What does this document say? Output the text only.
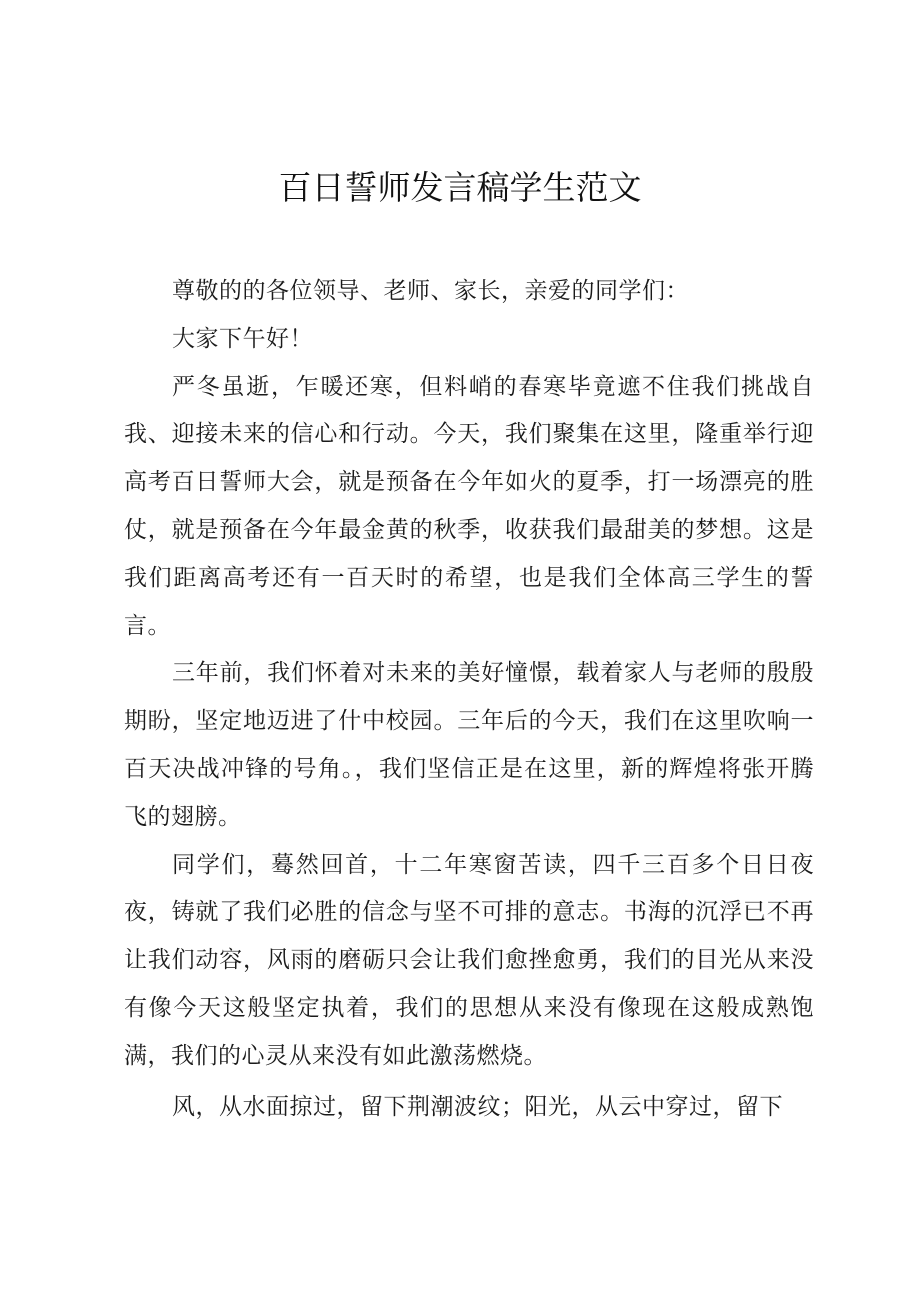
百日誓师发言稿学生范文

尊敬的的各位领导、老师、家长，亲爱的同学们：

大家下午好！

严冬虽逝，乍暖还寒，但料峭的春寒毕竟遮不住我们挑战自我、迎接未来的信心和行动。今天，我们聚集在这里，隆重举行迎高考百日誓师大会，就是预备在今年如火的夏季，打一场漂亮的胜仗，就是预备在今年最金黄的秋季，收获我们最甜美的梦想。这是我们距离高考还有一百天时的希望，也是我们全体高三学生的誓言。

三年前，我们怀着对未来的美好憧憬，载着家人与老师的殷殷期盼，坚定地迈进了什中校园。三年后的今天，我们在这里吹响一百天决战冲锋的号角。，我们坚信正是在这里，新的辉煌将张开腾飞的翅膀。

同学们，蓦然回首，十二年寒窗苦读，四千三百多个日日夜夜，铸就了我们必胜的信念与坚不可排的意志。书海的沉浮已不再让我们动容，风雨的磨砺只会让我们愈挫愈勇，我们的目光从来没有像今天这般坚定执着，我们的思想从来没有像现在这般成熟饱满，我们的心灵从来没有如此激荡燃烧。

风，从水面掠过，留下荆潮波纹；阳光，从云中穿过，留下
